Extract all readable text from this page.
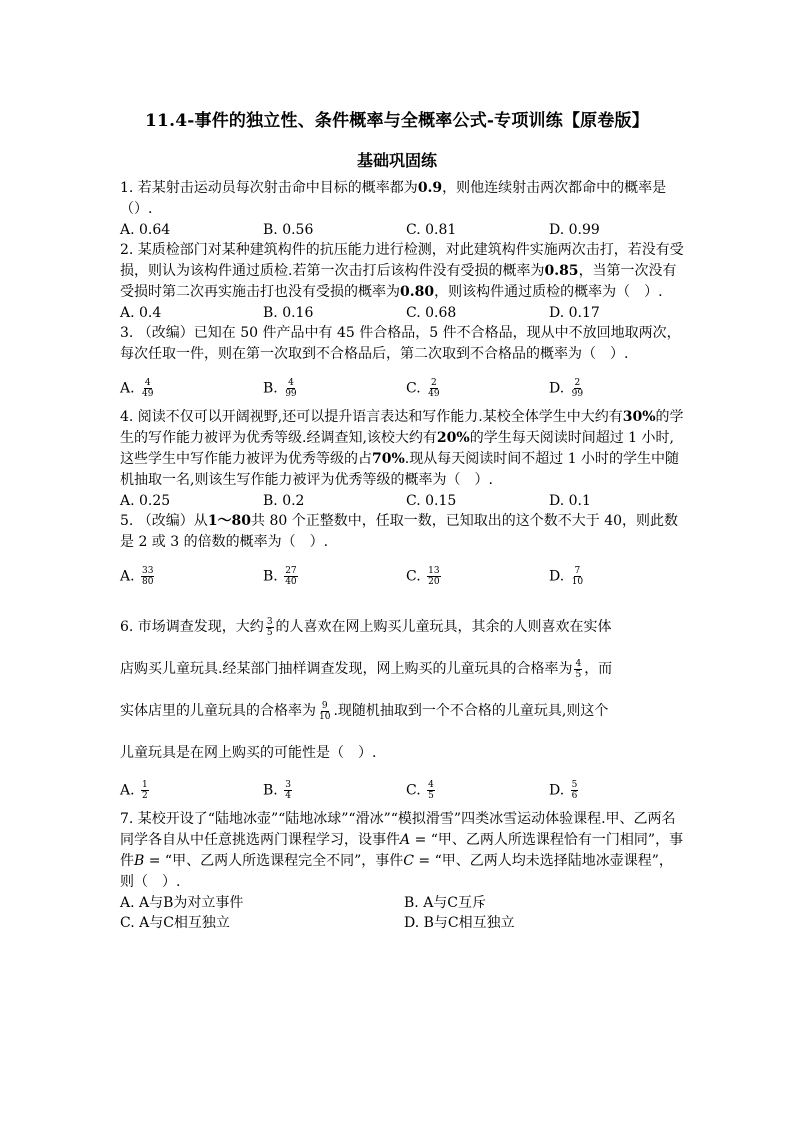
11.4-事件的独立性、条件概率与全概率公式-专项训练【原卷版】
基础巩固练

1. 若某射击运动员每次射击命中目标的概率都为0.9，则他连续射击两次都命中的概率是（）.

A. 0.64	B. 0.56	C. 0.81	D. 0.99

2. 某质检部门对某种建筑构件的抗压能力进行检测，对此建筑构件实施两次击打，若没有受损，则认为该构件通过质检.若第一次击打后该构件没有受损的概率为0.85，当第一次没有受损时第二次再实施击打也没有受损的概率为0.80，则该构件通过质检的概率为（　）.

A. 0.4	B. 0.16	C. 0.68	D. 0.17

3. （改编）已知在 50 件产品中有 45 件合格品，5 件不合格品，现从中不放回地取两次，每次任取一件，则在第一次取到不合格品后，第二次取到不合格品的概率为（　）.

A. $\frac{4}{49}$	B. $\frac{4}{99}$	C. $\frac{2}{49}$	D. $\frac{2}{99}$

4. 阅读不仅可以开阔视野,还可以提升语言表达和写作能力.某校全体学生中大约有30%的学生的写作能力被评为优秀等级.经调查知,该校大约有20%的学生每天阅读时间超过 1 小时,这些学生中写作能力被评为优秀等级的占70%.现从每天阅读时间不超过 1 小时的学生中随机抽取一名,则该生写作能力被评为优秀等级的概率为（　）.

A. 0.25	B. 0.2	C. 0.15	D. 0.1

5. （改编）从1～80共 80 个正整数中，任取一数，已知取出的这个数不大于 40，则此数是 2 或 3 的倍数的概率为（　）.

A. $\frac{33}{80}$	B. $\frac{27}{40}$	C. $\frac{13}{20}$	D. $\frac{7}{10}$

6. 市场调查发现，大约 $\frac{3}{5}$ 的人喜欢在网上购买儿童玩具，其余的人则喜欢在实体

店购买儿童玩具.经某部门抽样调查发现，网上购买的儿童玩具的合格率为 $\frac{4}{5}$ ，而

实体店里的儿童玩具的合格率为 $\frac{9}{10}$ .现随机抽取到一个不合格的儿童玩具,则这个

儿童玩具是在网上购买的可能性是（　）.

A. $\frac{1}{2}$	B. $\frac{3}{4}$	C. $\frac{4}{5}$	D. $\frac{5}{6}$

7. 某校开设了“陆地冰壶”“陆地冰球”“滑冰”“模拟滑雪”四类冰雪运动体验课程.甲、乙两名同学各自从中任意挑选两门课程学习，设事件A = “甲、乙两人所选课程恰有一门相同”，事件B = “甲、乙两人所选课程完全不同”，事件C = “甲、乙两人均未选择陆地冰壶课程”，则（　）.

A. A与B为对立事件	B. A与C互斥
C. A与C相互独立	D. B与C相互独立
